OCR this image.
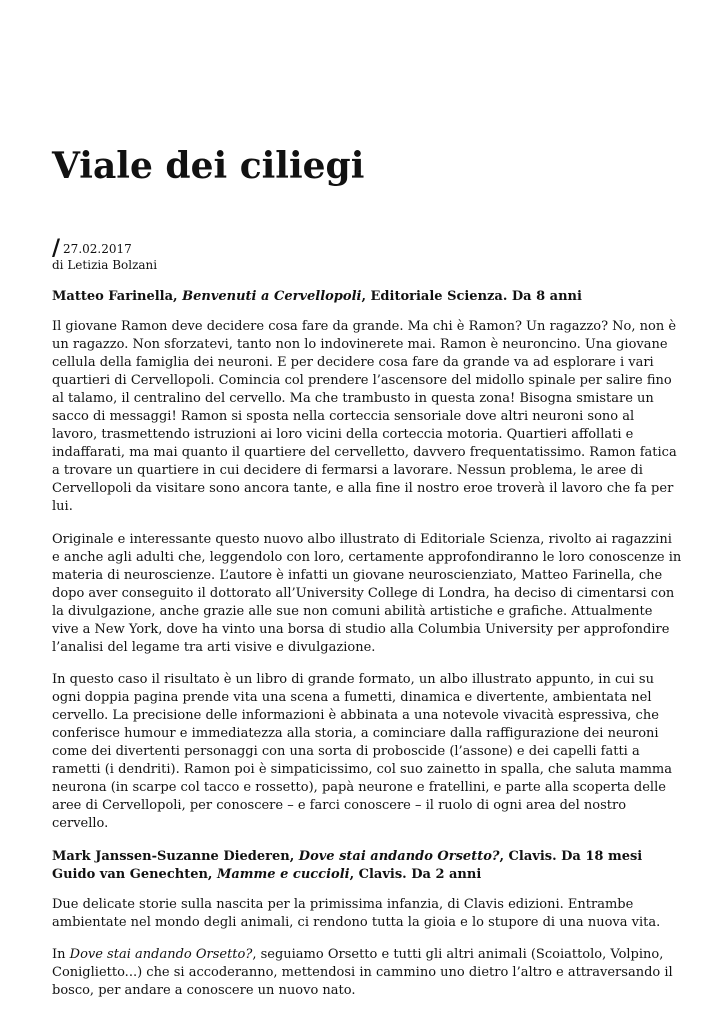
Viale dei ciliegi
/ 27.02.2017
di Letizia Bolzani

Matteo Farinella, Benvenuti a Cervellopoli, Editoriale Scienza. Da 8 anni

Il giovane Ramon deve decidere cosa fare da grande. Ma chi è Ramon? Un ragazzo? No, non è un ragazzo. Non sforzatevi, tanto non lo indovinerete mai. Ramon è neuroncino. Una giovane cellula della famiglia dei neuroni. E per decidere cosa fare da grande va ad esplorare i vari quartieri di Cervellopoli. Comincia col prendere l’ascensore del midollo spinale per salire fino al talamo, il centralino del cervello. Ma che trambusto in questa zona! Bisogna smistare un sacco di messaggi! Ramon si sposta nella corteccia sensoriale dove altri neuroni sono al lavoro, trasmettendo istruzioni ai loro vicini della corteccia motoria. Quartieri affollati e indaffarati, ma mai quanto il quartiere del cervelletto, davvero frequentatissimo. Ramon fatica a trovare un quartiere in cui decidere di fermarsi a lavorare. Nessun problema, le aree di Cervellopoli da visitare sono ancora tante, e alla fine il nostro eroe troverà il lavoro che fa per lui.

Originale e interessante questo nuovo albo illustrato di Editoriale Scienza, rivolto ai ragazzini e anche agli adulti che, leggendolo con loro, certamente approfondiranno le loro conoscenze in materia di neuroscienze. L’autore è infatti un giovane neuroscienziato, Matteo Farinella, che dopo aver conseguito il dottorato all’University College di Londra, ha deciso di cimentarsi con la divulgazione, anche grazie alle sue non comuni abilità artistiche e grafiche. Attualmente vive a New York, dove ha vinto una borsa di studio alla Columbia University per approfondire l’analisi del legame tra arti visive e divulgazione.

In questo caso il risultato è un libro di grande formato, un albo illustrato appunto, in cui su ogni doppia pagina prende vita una scena a fumetti, dinamica e divertente, ambientata nel cervello. La precisione delle informazioni è abbinata a una notevole vivacità espressiva, che conferisce humour e immediatezza alla storia, a cominciare dalla raffigurazione dei neuroni come dei divertenti personaggi con una sorta di proboscide (l’assone) e dei capelli fatti a rametti (i dendriti). Ramon poi è simpaticissimo, col suo zainetto in spalla, che saluta mamma neurona (in scarpe col tacco e rossetto), papà neurone e fratellini, e parte alla scoperta delle aree di Cervellopoli, per conoscere – e farci conoscere – il ruolo di ogni area del nostro cervello.

Mark Janssen-Suzanne Diederen, Dove stai andando Orsetto?, Clavis. Da 18 mesi
Guido van Genechten, Mamme e cuccioli, Clavis. Da 2 anni

Due delicate storie sulla nascita per la primissima infanzia, di Clavis edizioni. Entrambe ambientate nel mondo degli animali, ci rendono tutta la gioia e lo stupore di una nuova vita.

In Dove stai andando Orsetto?, seguiamo Orsetto e tutti gli altri animali (Scoiattolo, Volpino, Coniglietto...) che si accoderanno, mettendosi in cammino uno dietro l’altro e attraversando il bosco, per andare a conoscere un nuovo nato.
